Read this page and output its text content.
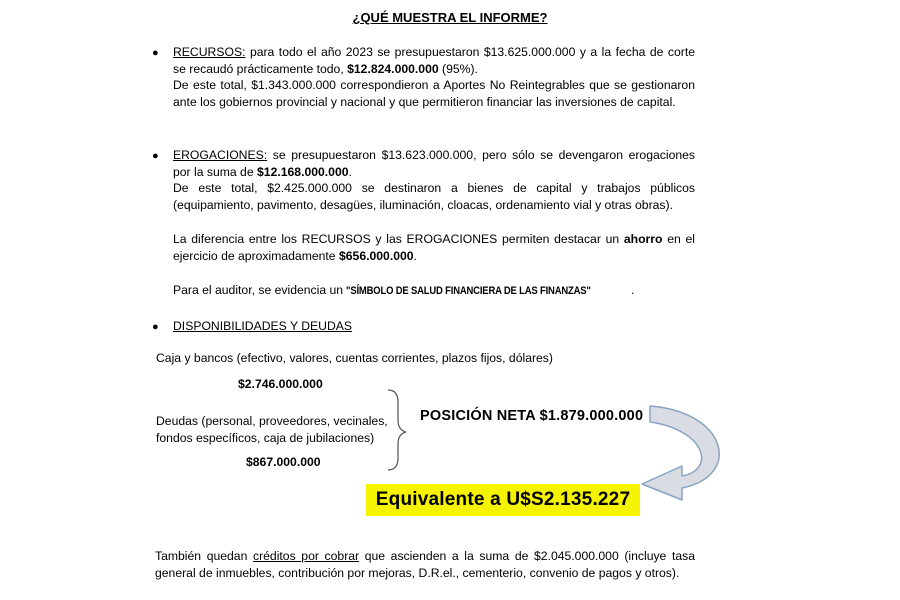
¿QUÉ MUESTRA EL INFORME?
● RECURSOS: para todo el año 2023 se presupuestaron $13.625.000.000 y a la fecha de corte se recaudó prácticamente todo, $12.824.000.000 (95%).
De este total, $1.343.000.000 correspondieron a Aportes No Reintegrables que se gestionaron ante los gobiernos provincial y nacional y que permitieron financiar las inversiones de capital.
● EROGACIONES: se presupuestaron $13.623.000.000, pero sólo se devengaron erogaciones por la suma de $12.168.000.000.
De este total, $2.425.000.000 se destinaron a bienes de capital y trabajos públicos (equipamiento, pavimento, desagües, iluminación, cloacas, ordenamiento vial y otras obras).
La diferencia entre los RECURSOS y las EROGACIONES permiten destacar un ahorro en el ejercicio de aproximadamente $656.000.000.
Para el auditor, se evidencia un "SÍMBOLO DE SALUD FINANCIERA DE LAS FINANZAS"	.
● DISPONIBILIDADES Y DEUDAS
Caja y bancos (efectivo, valores, cuentas corrientes, plazos fijos, dólares)
$2.746.000.000
Deudas (personal, proveedores, vecinales,
fondos específicos, caja de jubilaciones)
$867.000.000
POSICIÓN NETA $1.879.000.000
Equivalente a U$S2.135.227
También quedan créditos por cobrar que ascienden a la suma de $2.045.000.000 (incluye tasa general de inmuebles, contribución por mejoras, D.R.el., cementerio, convenio de pagos y otros).
